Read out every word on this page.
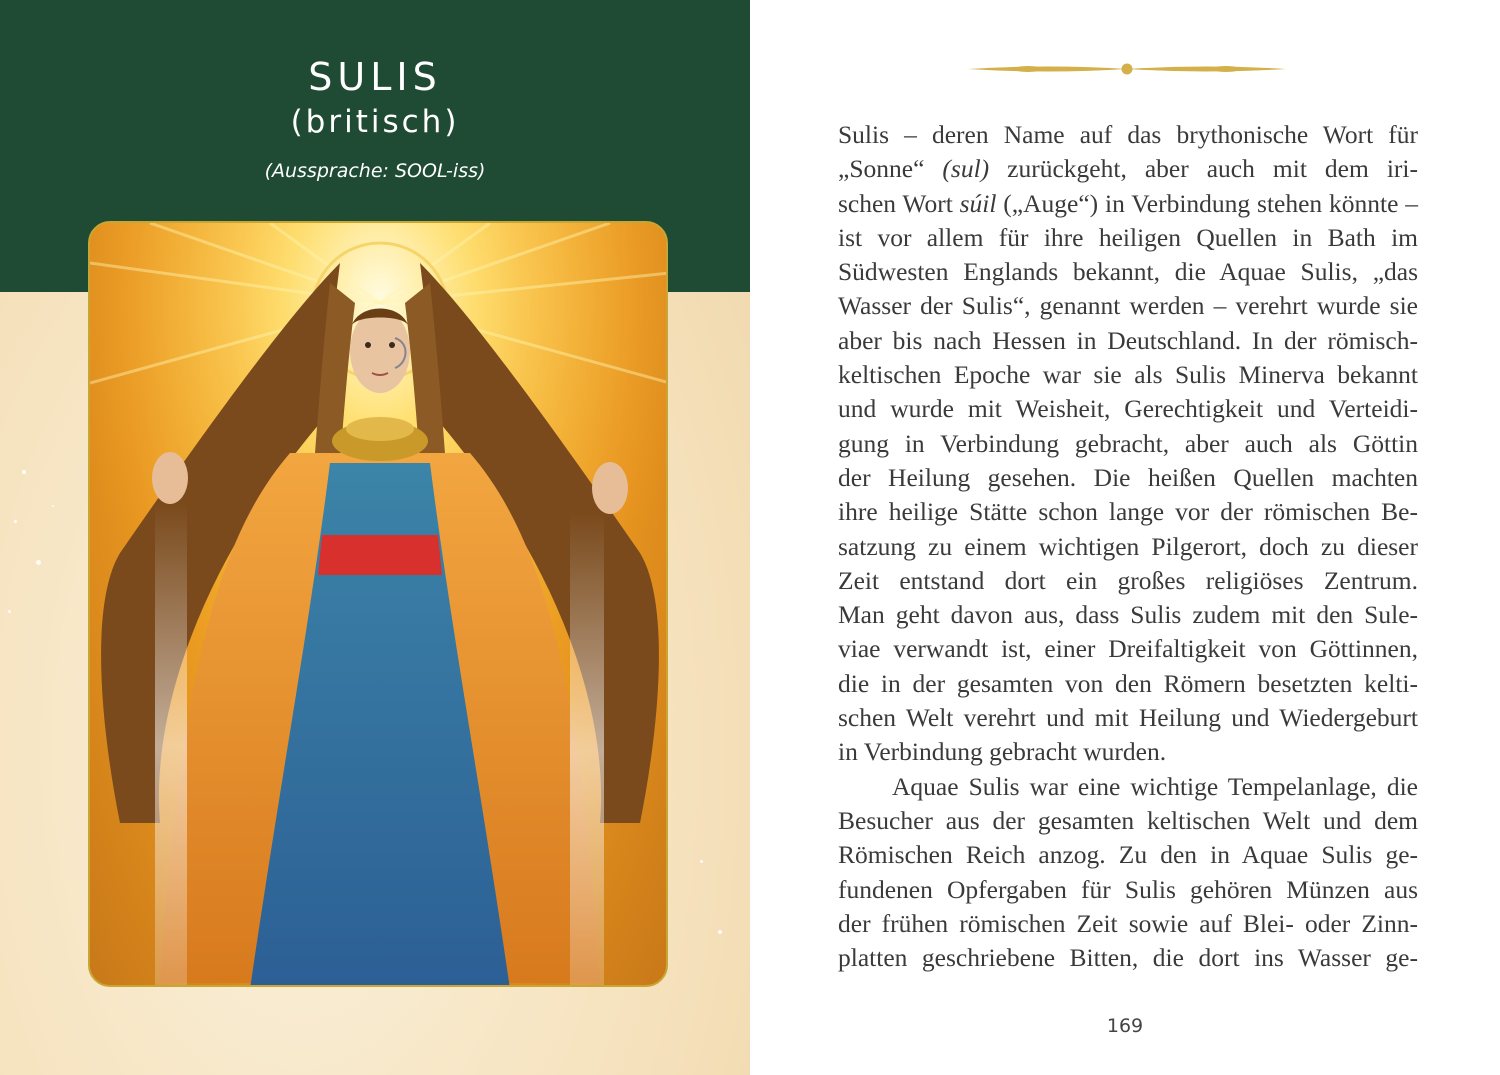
SULIS
(britisch)
(Aussprache: SOOL-iss)
Sulis – deren Name auf das brythonische Wort für
„Sonne“ (sul) zurückgeht, aber auch mit dem iri-
schen Wort súil („Auge“) in Verbindung stehen könnte –
ist vor allem für ihre heiligen Quellen in Bath im
Südwesten Englands bekannt, die Aquae Sulis, „das
Wasser der Sulis“, genannt werden – verehrt wurde sie
aber bis nach Hessen in Deutschland. In der römisch-
keltischen Epoche war sie als Sulis Minerva bekannt
und wurde mit Weisheit, Gerechtigkeit und Verteidi-
gung in Verbindung gebracht, aber auch als Göttin
der Heilung gesehen. Die heißen Quellen machten
ihre heilige Stätte schon lange vor der römischen Be-
satzung zu einem wichtigen Pilgerort, doch zu dieser
Zeit entstand dort ein großes religiöses Zentrum.
Man geht davon aus, dass Sulis zudem mit den Sule-
viae verwandt ist, einer Dreifaltigkeit von Göttinnen,
die in der gesamten von den Römern besetzten kelti-
schen Welt verehrt und mit Heilung und Wiedergeburt
in Verbindung gebracht wurden.
Aquae Sulis war eine wichtige Tempelanlage, die
Besucher aus der gesamten keltischen Welt und dem
Römischen Reich anzog. Zu den in Aquae Sulis ge-
fundenen Opfergaben für Sulis gehören Münzen aus
der frühen römischen Zeit sowie auf Blei- oder Zinn-
platten geschriebene Bitten, die dort ins Wasser ge-
169
